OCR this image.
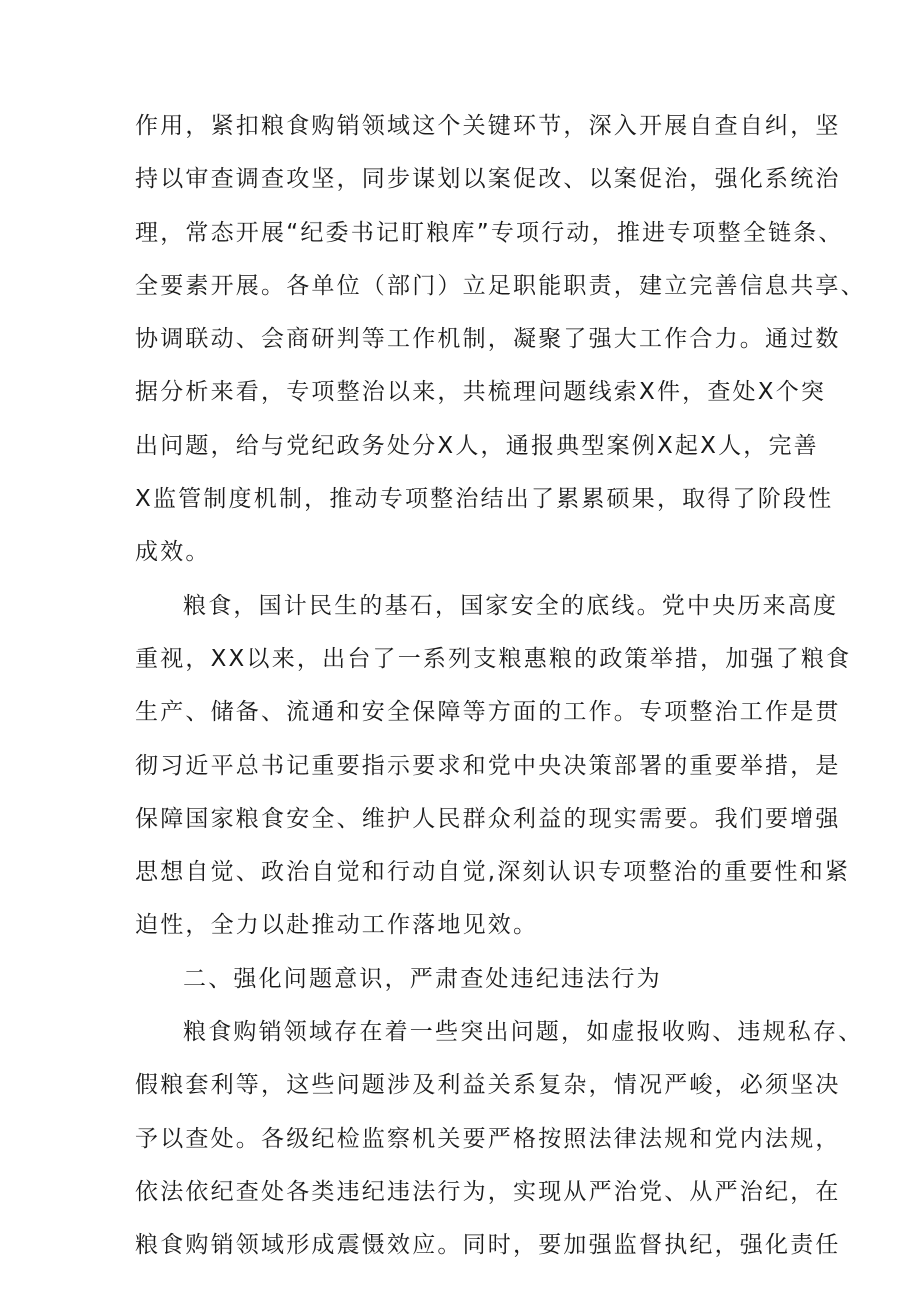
作用，紧扣粮食购销领域这个关键环节，深入开展自查自纠，坚
持以审查调查攻坚，同步谋划以案促改、以案促治，强化系统治
理，常态开展“纪委书记盯粮库”专项行动，推进专项整全链条、
全要素开展。各单位（部门）立足职能职责，建立完善信息共享、
协调联动、会商研判等工作机制，凝聚了强大工作合力。通过数
据分析来看，专项整治以来，共梳理问题线索X件，查处X个突
出问题，给与党纪政务处分X人，通报典型案例X起X人，完善
X监管制度机制，推动专项整治结出了累累硕果，取得了阶段性
成效。
粮食，国计民生的基石，国家安全的底线。党中央历来高度
重视，XX以来，出台了一系列支粮惠粮的政策举措，加强了粮食
生产、储备、流通和安全保障等方面的工作。专项整治工作是贯
彻习近平总书记重要指示要求和党中央决策部署的重要举措，是
保障国家粮食安全、维护人民群众利益的现实需要。我们要增强
思想自觉、政治自觉和行动自觉,深刻认识专项整治的重要性和紧
迫性，全力以赴推动工作落地见效。
二、强化问题意识，严肃查处违纪违法行为
粮食购销领域存在着一些突出问题，如虚报收购、违规私存、
假粮套利等，这些问题涉及利益关系复杂，情况严峻，必须坚决
予以查处。各级纪检监察机关要严格按照法律法规和党内法规，
依法依纪查处各类违纪违法行为，实现从严治党、从严治纪，在
粮食购销领域形成震慑效应。同时，要加强监督执纪，强化责任
